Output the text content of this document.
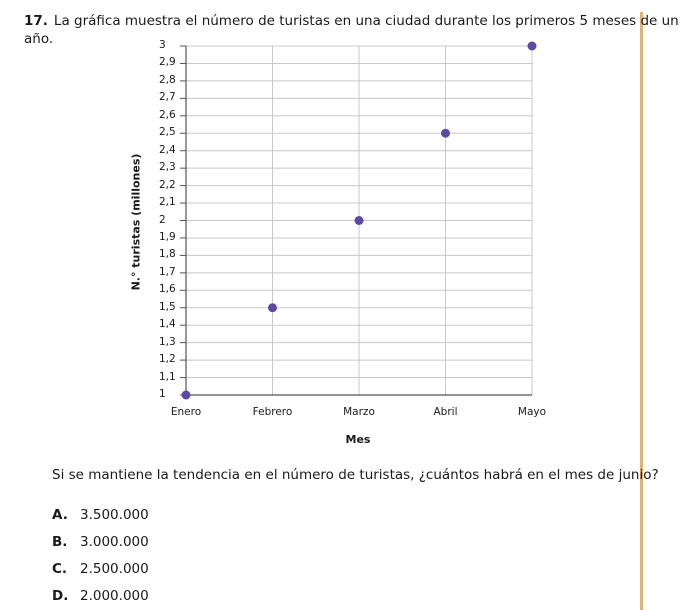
17. La gráfica muestra el número de turistas en una ciudad durante los primeros 5 meses de un año.
1
1,1
1,2
1,3
1,4
1,5
1,6
1,7
1,8
1,9
2
2,1
2,2
2,3
2,4
2,5
2,6
2,7
2,8
2,9
3
Enero	Febrero	Marzo	Abril	Mayo
N.° turistas (millones)
Mes
Si se mantiene la tendencia en el número de turistas, ¿cuántos habrá en el mes de junio?
A. 3.500.000
B. 3.000.000
C. 2.500.000
D. 2.000.000
